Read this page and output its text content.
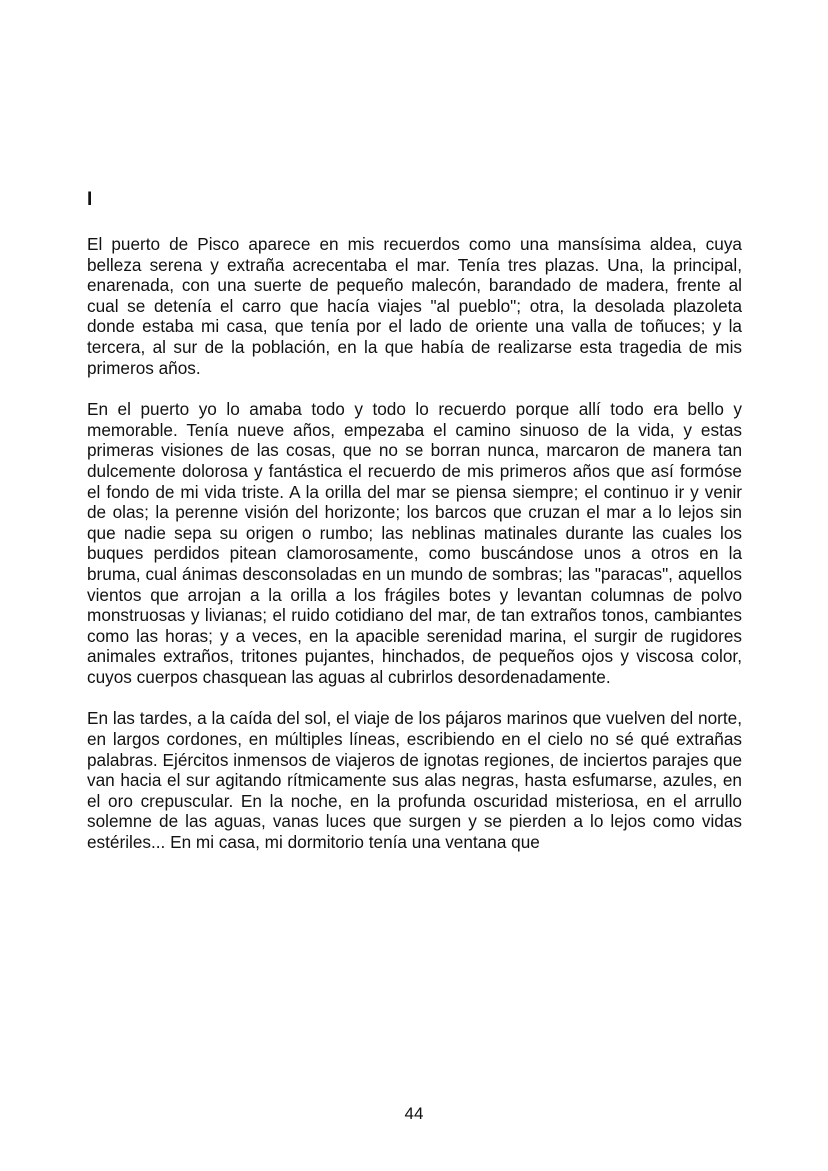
I

El puerto de Pisco aparece en mis recuerdos como una mansísima aldea, cuya belleza serena y extraña acrecentaba el mar. Tenía tres plazas. Una, la principal, enarenada, con una suerte de pequeño malecón, barandado de madera, frente al cual se detenía el carro que hacía viajes "al pueblo"; otra, la desolada plazoleta donde estaba mi casa, que tenía por el lado de oriente una valla de toñuces; y la tercera, al sur de la población, en la que había de realizarse esta tragedia de mis primeros años.

En el puerto yo lo amaba todo y todo lo recuerdo porque allí todo era bello y memorable. Tenía nueve años, empezaba el camino sinuoso de la vida, y estas primeras visiones de las cosas, que no se borran nunca, marcaron de manera tan dulcemente dolorosa y fantástica el recuerdo de mis primeros años que así formóse el fondo de mi vida triste. A la orilla del mar se piensa siempre; el continuo ir y venir de olas; la perenne visión del horizonte; los barcos que cruzan el mar a lo lejos sin que nadie sepa su origen o rumbo; las neblinas matinales durante las cuales los buques perdidos pitean clamorosamente, como buscándose unos a otros en la bruma, cual ánimas desconsoladas en un mundo de sombras; las "paracas", aquellos vientos que arrojan a la orilla a los frágiles botes y levantan columnas de polvo monstruosas y livianas; el ruido cotidiano del mar, de tan extraños tonos, cambiantes como las horas; y a veces, en la apacible serenidad marina, el surgir de rugidores animales extraños, tritones pujantes, hinchados, de pequeños ojos y viscosa color, cuyos cuerpos chasquean las aguas al cubrirlos desordenadamente.

En las tardes, a la caída del sol, el viaje de los pájaros marinos que vuelven del norte, en largos cordones, en múltiples líneas, escribiendo en el cielo no sé qué extrañas palabras. Ejércitos inmensos de viajeros de ignotas regiones, de inciertos parajes que van hacia el sur agitando rítmicamente sus alas negras, hasta esfumarse, azules, en el oro crepuscular. En la noche, en la profunda oscuridad misteriosa, en el arrullo solemne de las aguas, vanas luces que surgen y se pierden a lo lejos como vidas estériles... En mi casa, mi dormitorio tenía una ventana que

44
